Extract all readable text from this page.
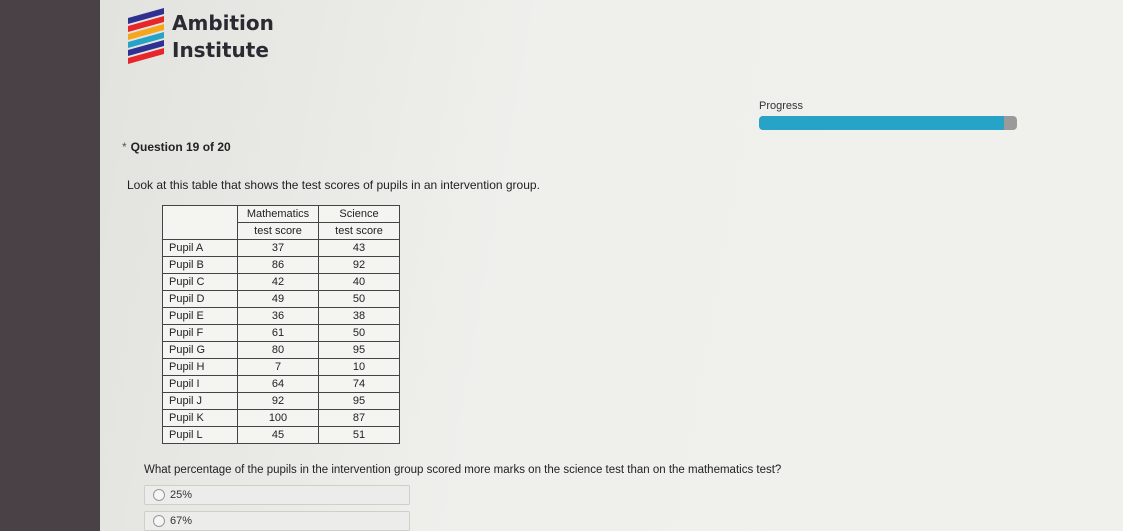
Ambition
Institute
Progress
* Question 19 of 20
Look at this table that shows the test scores of pupils in an intervention group.
	Mathematics	Science
	test score	test score
Pupil A	37	43
Pupil B	86	92
Pupil C	42	40
Pupil D	49	50
Pupil E	36	38
Pupil F	61	50
Pupil G	80	95
Pupil H	7	10
Pupil I	64	74
Pupil J	92	95
Pupil K	100	87
Pupil L	45	51
What percentage of the pupils in the intervention group scored more marks on the science test than on the mathematics test?
25%
67%
